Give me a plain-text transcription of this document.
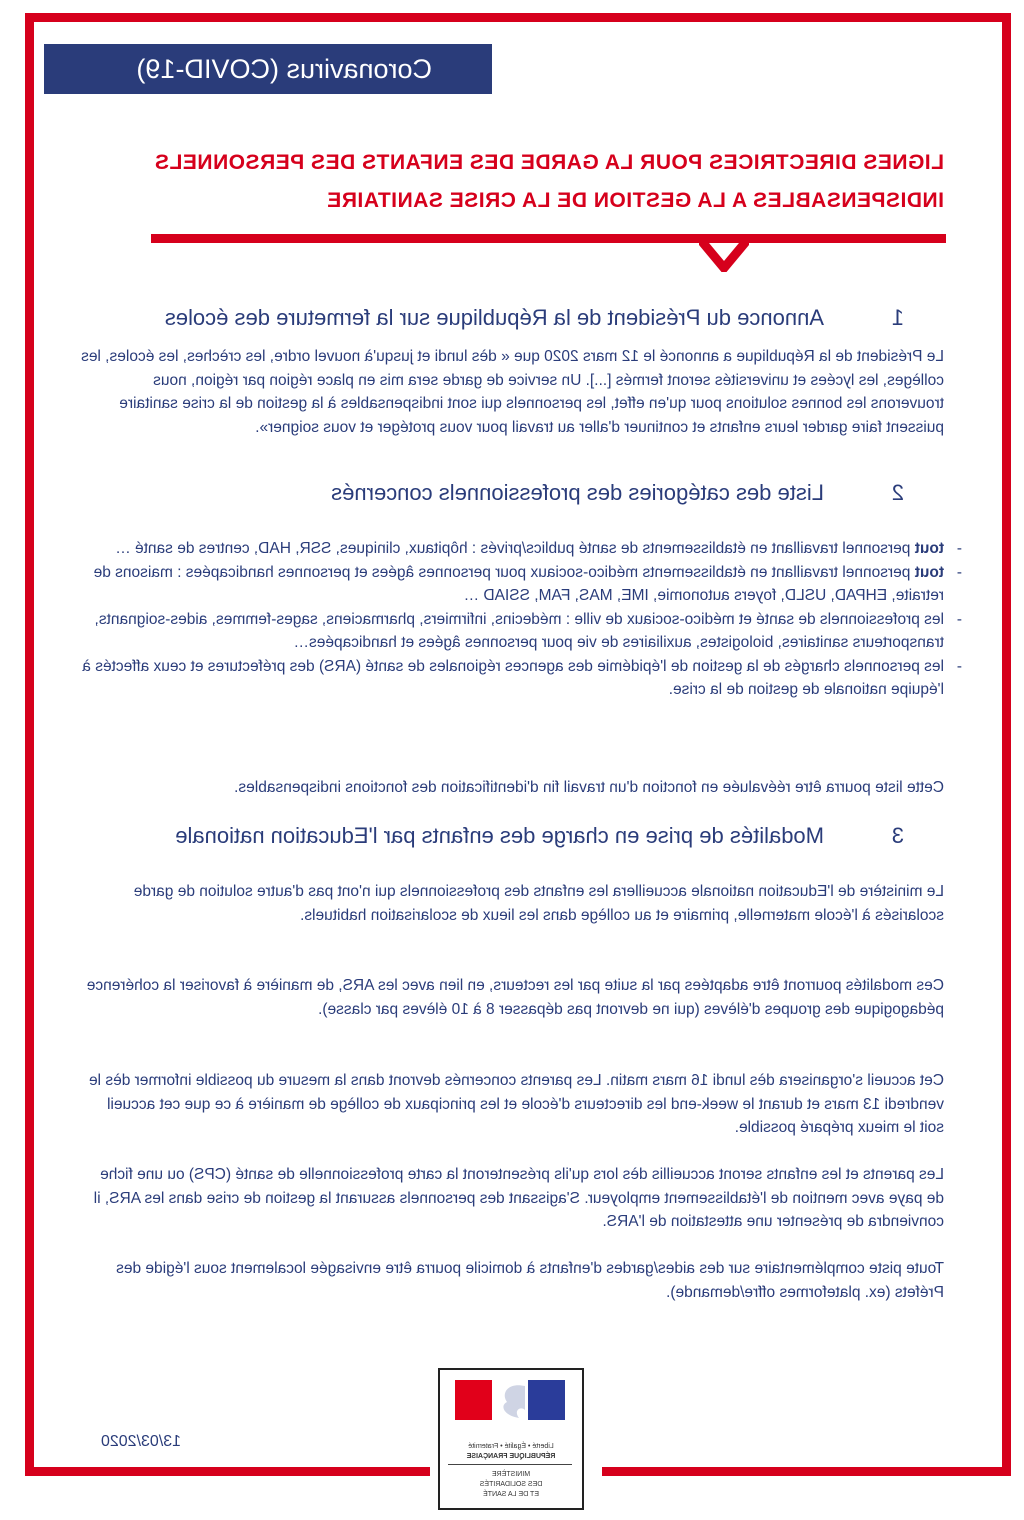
Coronavirus (COVID-19)
LIGNES DIRECTRICES POUR LA GARDE DES ENFANTS DES PERSONNELS
INDISPENSABLES A LA GESTION DE LA CRISE SANITAIRE
1
Annonce du Président de la République sur la fermeture des écoles
Le Président de la République a annoncé le 12 mars 2020 que « dès lundi et jusqu'à nouvel ordre, les crèches, les écoles, les collèges, les lycées et universités seront fermés [...]. Un service de garde sera mis en place région par région, nous trouverons les bonnes solutions pour qu'en effet, les personnels qui sont indispensables à la gestion de la crise sanitaire puissent faire garder leurs enfants et continuer d'aller au travail pour vous protéger et vous soigner».
2
Liste des catégories des professionnels concernés
-
tout personnel travaillant en établissements de santé publics/privés : hôpitaux, cliniques, SSR, HAD, centres de santé …
-
tout personnel travaillant en établissements médico-sociaux pour personnes âgées et personnes handicapées : maisons de retraite, EHPAD, USLD, foyers autonomie, IME, MAS, FAM, SSIAD …
-
les professionnels de santé et médico-sociaux de ville : médecins, infirmiers, pharmaciens, sages-femmes, aides-soignants, transporteurs sanitaires, biologistes, auxiliaires de vie pour personnes âgées et handicapées…
-
les personnels chargés de la gestion de l'épidémie des agences régionales de santé (ARS) des préfectures et ceux affectés à l'équipe nationale de gestion de la crise.
Cette liste pourra être réévaluée en fonction d'un travail fin d'identification des fonctions indispensables.
3
Modalités de prise en charge des enfants par l'Education nationale
Le ministère de l'Education nationale accueillera les enfants des professionnels qui n'ont pas d'autre solution de garde scolarisés à l'école maternelle, primaire et au collège dans les lieux de scolarisation habituels.
Ces modalités pourront être adaptées par la suite par les recteurs, en lien avec les ARS, de manière à favoriser la cohérence pédagogique des groupes d'élèves (qui ne devront pas dépasser 8 à 10 élèves par classe).
Cet accueil s'organisera dès lundi 16 mars matin. Les parents concernés devront dans la mesure du possible informer dès le vendredi 13 mars et durant le week-end les directeurs d'école et les principaux de collège de manière à ce que cet accueil soit le mieux préparé possible.
Les parents et les enfants seront accueillis dès lors qu'ils présenteront la carte professionnelle de santé (CPS) ou une fiche de paye avec mention de l'établissement employeur. S'agissant des personnels assurant la gestion de crise dans les ARS, il conviendra de présenter une attestation de l'ARS.
Toute piste complémentaire sur des aides/gardes d'enfants à domicile pourra être envisagée localement sous l'égide des Préfets (ex. plateformes offre/demande).
13/03/2020	Liberté • Égalité • Fraternité
RÉPUBLIQUE FRANÇAISE
MINISTÈRE
DES SOLIDARITÉS
ET DE LA SANTÉ
